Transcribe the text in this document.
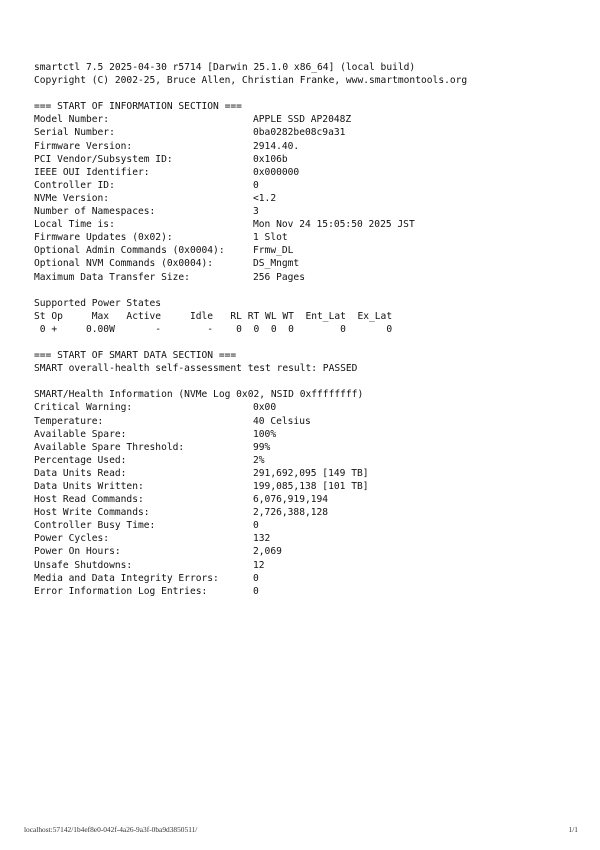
smartctl 7.5 2025-04-30 r5714 [Darwin 25.1.0 x86_64] (local build)
Copyright (C) 2002-25, Bruce Allen, Christian Franke, www.smartmontools.org
=== START OF INFORMATION SECTION ===
Model Number:	APPLE SSD AP2048Z
Serial Number:	0ba0282be08c9a31
Firmware Version:	2914.40.
PCI Vendor/Subsystem ID:	0x106b
IEEE OUI Identifier:	0x000000
Controller ID:	0
NVMe Version:	<1.2
Number of Namespaces:	3
Local Time is:	Mon Nov 24 15:05:50 2025 JST
Firmware Updates (0x02):	1 Slot
Optional Admin Commands (0x0004):	Frmw_DL
Optional NVM Commands (0x0004):	DS_Mngmt
Maximum Data Transfer Size:	256 Pages
Supported Power States
St Op     Max   Active     Idle   RL RT WL WT  Ent_Lat  Ex_Lat
0 +     0.00W       -        -    0  0  0  0        0       0
=== START OF SMART DATA SECTION ===
SMART overall-health self-assessment test result: PASSED
SMART/Health Information (NVMe Log 0x02, NSID 0xffffffff)
Critical Warning:	0x00
Temperature:	40 Celsius
Available Spare:	100%
Available Spare Threshold:	99%
Percentage Used:	2%
Data Units Read:	291,692,095 [149 TB]
Data Units Written:	199,085,138 [101 TB]
Host Read Commands:	6,076,919,194
Host Write Commands:	2,726,388,128
Controller Busy Time:	0
Power Cycles:	132
Power On Hours:	2,069
Unsafe Shutdowns:	12
Media and Data Integrity Errors:	0
Error Information Log Entries:	0
localhost:57142/1b4ef8e0-042f-4a26-9a3f-0ba9d3850511/	1/1
